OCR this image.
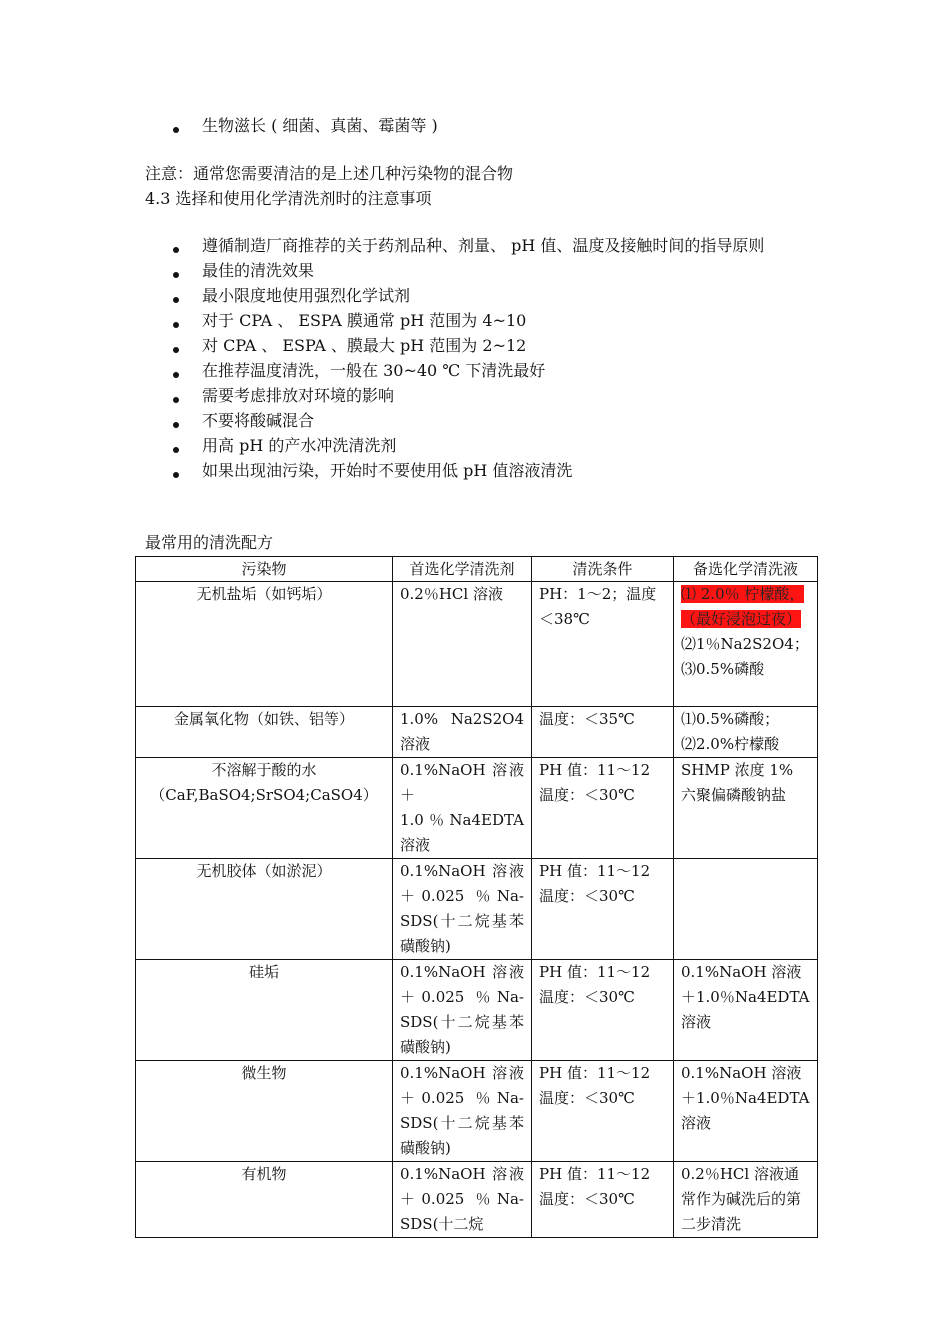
生物滋长 ( 细菌、真菌、霉菌等 )
注意：通常您需要清洁的是上述几种污染物的混合物
4.3 选择和使用化学清洗剂时的注意事项
遵循制造厂商推荐的关于药剂品种、剂量、 pH 值、温度及接触时间的指导原则
最佳的清洗效果
最小限度地使用强烈化学试剂
对于 CPA 、 ESPA 膜通常 pH 范围为 4~10
对 CPA 、 ESPA 、膜最大 pH 范围为 2~12
在推荐温度清洗，一般在 30~40 ℃ 下清洗最好
需要考虑排放对环境的影响
不要将酸碱混合
用高 pH 的产水冲洗清洗剂
如果出现油污染，开始时不要使用低 pH 值溶液清洗
最常用的清洗配方
污染物	首选化学清洗剂	清洗条件	备选化学清洗液
无机盐垢（如钙垢）	0.2％HCl 溶液	PH：1～2；温度＜38℃	⑴ 2.0％ 柠檬酸，（最好浸泡过夜）
⑵1％Na2S2O4；
⑶0.5%磷酸

金属氧化物（如铁、铝等）	1.0% Na2S2O4 溶液	温度：＜35℃	⑴0.5%磷酸；
⑵2.0%柠檬酸

不溶解于酸的水
（CaF,BaSO4;SrSO4;CaSO4）	0.1%NaOH 溶液＋1.0％Na4EDTA 溶液	PH 值：11～12
温度：＜30℃	SHMP 浓度 1%
六聚偏磷酸钠盐

无机胶体（如淤泥）	0.1%NaOH 溶液＋0.025 ％Na-SDS(十二烷基苯磺酸钠)	PH 值：11～12
温度：＜30℃	

硅垢	0.1%NaOH 溶液＋0.025 ％Na-SDS(十二烷基苯磺酸钠)	PH 值：11～12
温度：＜30℃	0.1%NaOH 溶液＋1.0％Na4EDTA 溶液
微生物	0.1%NaOH 溶液＋0.025 ％Na-SDS(十二烷基苯磺酸钠)	PH 值：11～12
温度：＜30℃	0.1%NaOH 溶液＋1.0％Na4EDTA 溶液
有机物	0.1%NaOH 溶液＋0.025 ％Na-SDS(十二烷	PH 值：11～12
温度：＜30℃	0.2％HCl 溶液通常作为碱洗后的第二步清洗
